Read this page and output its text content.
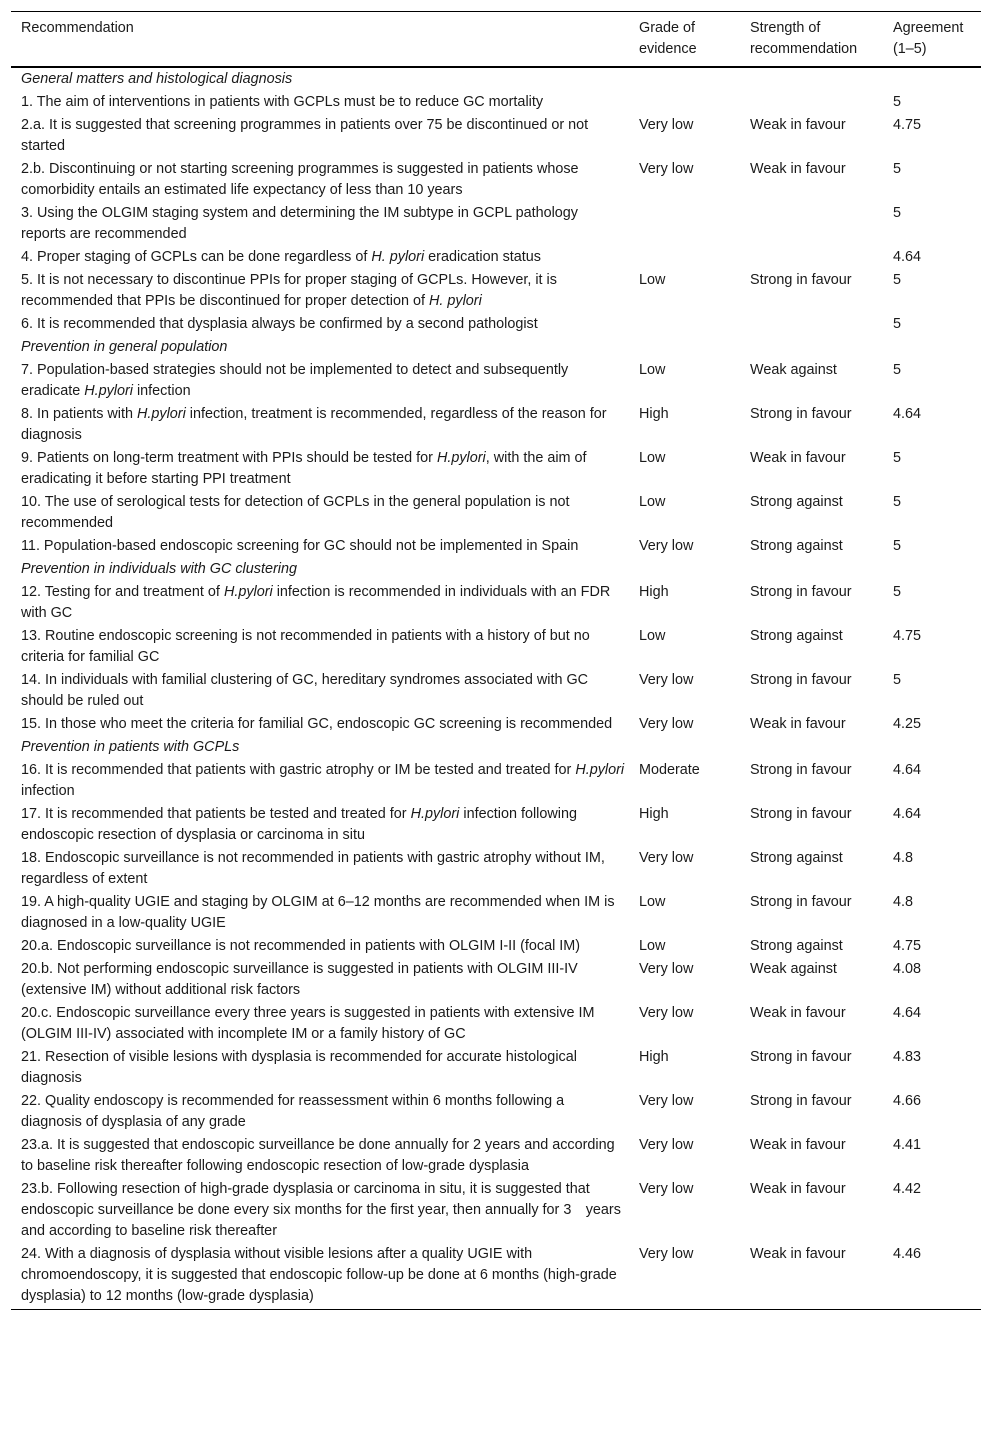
Recommendation	Grade of evidence	Strength of recommendation	Agreement (1–5)
General matters and histological diagnosis			
1. The aim of interventions in patients with GCPLs must be to reduce GC mortality			5
2.a. It is suggested that screening programmes in patients over 75 be discontinued or not started	Very low	Weak in favour	4.75
2.b. Discontinuing or not starting screening programmes is suggested in patients whose comorbidity entails an estimated life expectancy of less than 10 years	Very low	Weak in favour	5
3. Using the OLGIM staging system and determining the IM subtype in GCPL pathology reports are recommended			5
4. Proper staging of GCPLs can be done regardless of H. pylori eradication status			4.64
5. It is not necessary to discontinue PPIs for proper staging of GCPLs. However, it is recommended that PPIs be discontinued for proper detection of H. pylori	Low	Strong in favour	5
6. It is recommended that dysplasia always be confirmed by a second pathologist			5
Prevention in general population			
7. Population-based strategies should not be implemented to detect and subsequently eradicate H.pylori infection	Low	Weak against	5
8. In patients with H.pylori infection, treatment is recommended, regardless of the reason for diagnosis	High	Strong in favour	4.64
9. Patients on long-term treatment with PPIs should be tested for H.pylori, with the aim of eradicating it before starting PPI treatment	Low	Weak in favour	5
10. The use of serological tests for detection of GCPLs in the general population is not recommended	Low	Strong against	5
11. Population-based endoscopic screening for GC should not be implemented in Spain	Very low	Strong against	5
Prevention in individuals with GC clustering			
12. Testing for and treatment of H.pylori infection is recommended in individuals with an FDR with GC	High	Strong in favour	5
13. Routine endoscopic screening is not recommended in patients with a history of but no criteria for familial GC	Low	Strong against	4.75
14. In individuals with familial clustering of GC, hereditary syndromes associated with GC should be ruled out	Very low	Strong in favour	5
15. In those who meet the criteria for familial GC, endoscopic GC screening is recommended	Very low	Weak in favour	4.25
Prevention in patients with GCPLs			
16. It is recommended that patients with gastric atrophy or IM be tested and treated for H.pylori infection	Moderate	Strong in favour	4.64
17. It is recommended that patients be tested and treated for H.pylori infection following endoscopic resection of dysplasia or carcinoma in situ	High	Strong in favour	4.64
18. Endoscopic surveillance is not recommended in patients with gastric atrophy without IM, regardless of extent	Very low	Strong against	4.8
19. A high-quality UGIE and staging by OLGIM at 6–12 months are recommended when IM is diagnosed in a low-quality UGIE	Low	Strong in favour	4.8
20.a. Endoscopic surveillance is not recommended in patients with OLGIM I-II (focal IM)	Low	Strong against	4.75
20.b. Not performing endoscopic surveillance is suggested in patients with OLGIM III-IV (extensive IM) without additional risk factors	Very low	Weak against	4.08
20.c. Endoscopic surveillance every three years is suggested in patients with extensive IM (OLGIM III-IV) associated with incomplete IM or a family history of GC	Very low	Weak in favour	4.64
21. Resection of visible lesions with dysplasia is recommended for accurate histological diagnosis	High	Strong in favour	4.83
22. Quality endoscopy is recommended for reassessment within 6 months following a diagnosis of dysplasia of any grade	Very low	Strong in favour	4.66
23.a. It is suggested that endoscopic surveillance be done annually for 2 years and according to baseline risk thereafter following endoscopic resection of low-grade dysplasia	Very low	Weak in favour	4.41
23.b. Following resection of high-grade dysplasia or carcinoma in situ, it is suggested that endoscopic surveillance be done every six months for the first year, then annually for 3 years and according to baseline risk thereafter	Very low	Weak in favour	4.42
24. With a diagnosis of dysplasia without visible lesions after a quality UGIE with chromoendoscopy, it is suggested that endoscopic follow-up be done at 6 months (high-grade dysplasia) to 12 months (low-grade dysplasia)	Very low	Weak in favour	4.46
